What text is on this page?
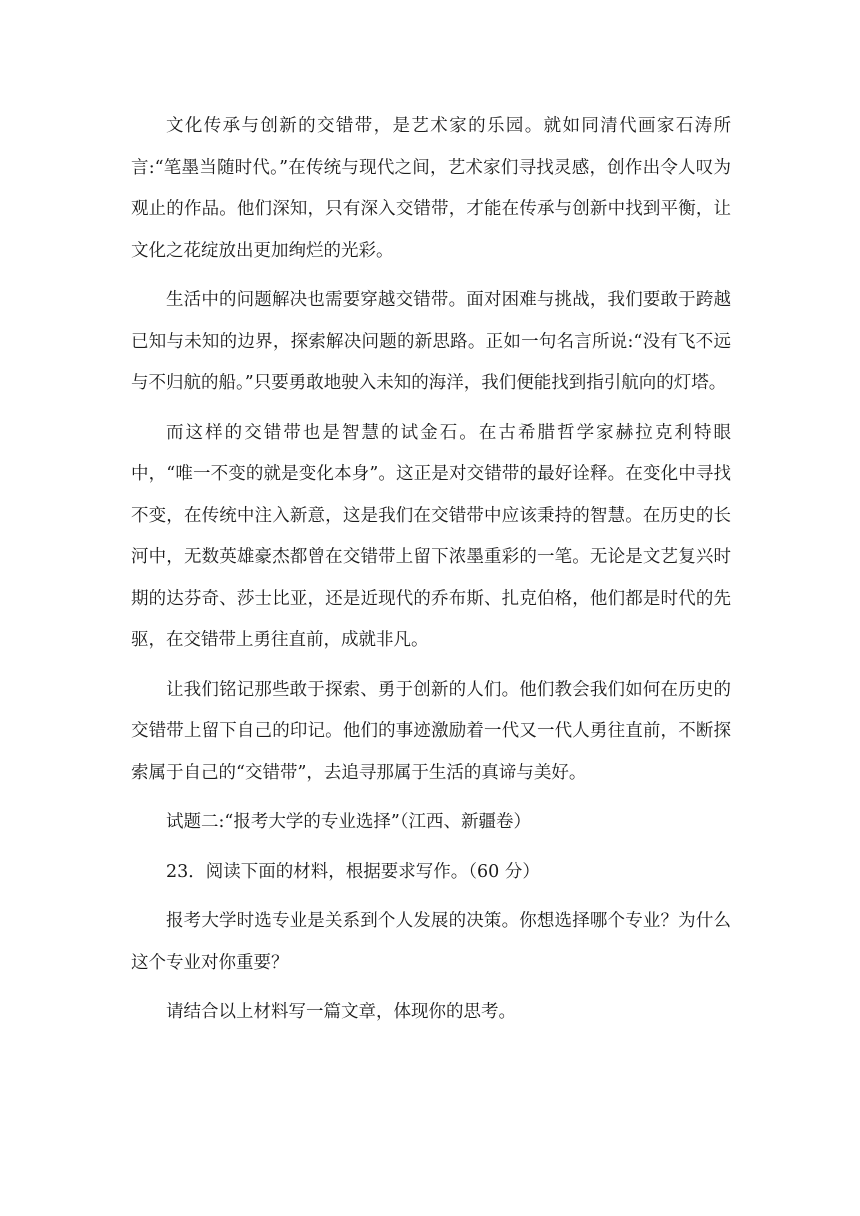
文化传承与创新的交错带，是艺术家的乐园。就如同清代画家石涛所言:“笔墨当随时代。”在传统与现代之间，艺术家们寻找灵感，创作出令人叹为观止的作品。他们深知，只有深入交错带，才能在传承与创新中找到平衡，让文化之花绽放出更加绚烂的光彩。

生活中的问题解决也需要穿越交错带。面对困难与挑战，我们要敢于跨越已知与未知的边界，探索解决问题的新思路。正如一句名言所说:“没有飞不远与不归航的船。”只要勇敢地驶入未知的海洋，我们便能找到指引航向的灯塔。

而这样的交错带也是智慧的试金石。在古希腊哲学家赫拉克利特眼中，“唯一不变的就是变化本身”。这正是对交错带的最好诠释。在变化中寻找不变，在传统中注入新意，这是我们在交错带中应该秉持的智慧。在历史的长河中，无数英雄豪杰都曾在交错带上留下浓墨重彩的一笔。无论是文艺复兴时期的达芬奇、莎士比亚，还是近现代的乔布斯、扎克伯格，他们都是时代的先驱，在交错带上勇往直前，成就非凡。

让我们铭记那些敢于探索、勇于创新的人们。他们教会我们如何在历史的交错带上留下自己的印记。他们的事迹激励着一代又一代人勇往直前，不断探索属于自己的“交错带”，去追寻那属于生活的真谛与美好。

试题二:“报考大学的专业选择”（江西、新疆卷）

23．阅读下面的材料，根据要求写作。（60 分）

报考大学时选专业是关系到个人发展的决策。你想选择哪个专业？为什么这个专业对你重要？

请结合以上材料写一篇文章，体现你的思考。
